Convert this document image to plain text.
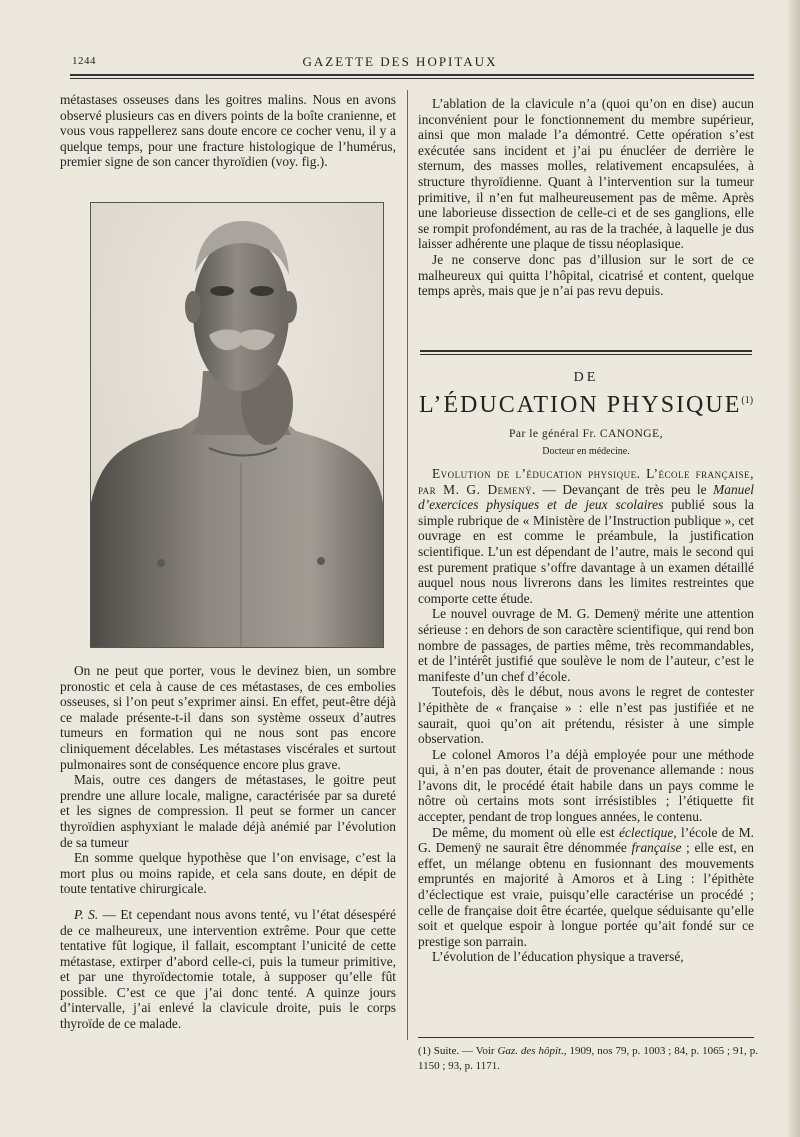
1244	GAZETTE DES HOPITAUX

métastases osseuses dans les goitres malins. Nous en avons observé plusieurs cas en divers points de la boîte cranienne, et vous vous rappellerez sans doute encore ce cocher venu, il y a quelque temps, pour une fracture histologique de l’humérus, premier signe de son cancer thyroïdien (voy. fig.).

On ne peut que porter, vous le devinez bien, un sombre pronostic et cela à cause de ces métastases, de ces embolies osseuses, si l’on peut s’exprimer ainsi. En effet, peut-être déjà ce malade présente-t-il dans son système osseux d’autres tumeurs en formation qui ne nous sont pas encore cliniquement décelables. Les métastases viscérales et surtout pulmonaires sont de conséquence encore plus grave.

Mais, outre ces dangers de métastases, le goitre peut prendre une allure locale, maligne, caractérisée par sa dureté et les signes de compression. Il peut se former un cancer thyroïdien asphyxiant le malade déjà anémié par l’évolution de sa tumeur

En somme quelque hypothèse que l’on envisage, c’est la mort plus ou moins rapide, et cela sans doute, en dépit de toute tentative chirurgicale.

P. S. — Et cependant nous avons tenté, vu l’état désespéré de ce malheureux, une intervention extrême. Pour que cette tentative fût logique, il fallait, escomptant l’unicité de cette métastase, extirper d’abord celle-ci, puis la tumeur primitive, et par une thyroïdectomie totale, à supposer qu’elle fût possible. C’est ce que j’ai donc tenté. A quinze jours d’intervalle, j’ai enlevé la clavicule droite, puis le corps thyroïde de ce malade.

L’ablation de la clavicule n’a (quoi qu’on en dise) aucun inconvénient pour le fonctionnement du membre supérieur, ainsi que mon malade l’a démontré. Cette opération s’est exécutée sans incident et j’ai pu énucléer de derrière le sternum, des masses molles, relativement encapsulées, à structure thyroïdienne. Quant à l’intervention sur la tumeur primitive, il n’en fut malheureusement pas de même. Après une laborieuse dissection de celle-ci et de ses ganglions, elle se rompit profondément, au ras de la trachée, à laquelle je dus laisser adhérente une plaque de tissu néoplasique.

Je ne conserve donc pas d’illusion sur le sort de ce malheureux qui quitta l’hôpital, cicatrisé et content, quelque temps après, mais que je n’ai pas revu depuis.

DE
L’ÉDUCATION PHYSIQUE$^{(1)}$
Par le général Fr. CANONGE,
Docteur en médecine.

Evolution de l’éducation physique. L’école française, par M. G. Demenÿ. — Devançant de très peu le Manuel d’exercices physiques et de jeux scolaires publié sous la simple rubrique de « Ministère de l’Instruction publique », cet ouvrage en est comme le préambule, la justification scientifique. L’un est dépendant de l’autre, mais le second qui est purement pratique s’offre davantage à un examen détaillé auquel nous nous livrerons dans les limites restreintes que comporte cette étude.

Le nouvel ouvrage de M. G. Demenÿ mérite une attention sérieuse : en dehors de son caractère scientifique, qui rend bon nombre de passages, de parties même, très recommandables, et de l’intérêt justifié que soulève le nom de l’auteur, c’est le manifeste d’un chef d’école.

Toutefois, dès le début, nous avons le regret de contester l’épithète de « française » : elle n’est pas justifiée et ne saurait, quoi qu’on ait prétendu, résister à une simple observation.

Le colonel Amoros l’a déjà employée pour une méthode qui, à n’en pas douter, était de provenance allemande : nous l’avons dit, le procédé était habile dans un pays comme le nôtre où certains mots sont irrésistibles ; l’étiquette fit accepter, pendant de trop longues années, le contenu.

De même, du moment où elle est éclectique, l’école de M. G. Demenÿ ne saurait être dénommée française ; elle est, en effet, un mélange obtenu en fusionnant des mouvements empruntés en majorité à Amoros et à Ling : l’épithète d’éclectique est vraie, puisqu’elle caractérise un procédé ; celle de française doit être écartée, quelque séduisante qu’elle soit et quelque espoir à longue portée qu’ait fondé sur ce prestige son parrain.

L’évolution de l’éducation physique a traversé,

(1) Suite. — Voir Gaz. des hôpit., 1909, nos 79, p. 1003 ; 84, p. 1065 ; 91, p. 1150 ; 93, p. 1171.
